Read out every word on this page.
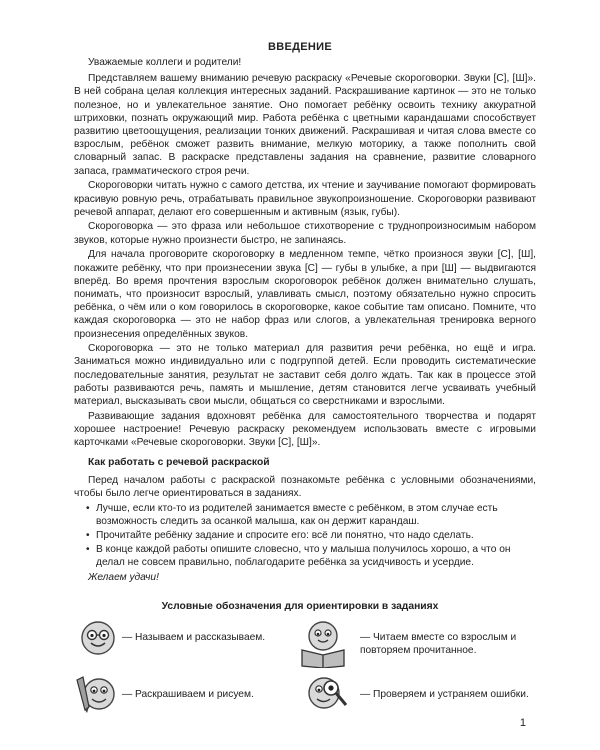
ВВЕДЕНИЕ

Уважаемые коллеги и родители!

Представляем вашему вниманию речевую раскраску «Речевые скороговорки. Звуки [С], [Ш]». В ней собрана целая коллекция интересных заданий. Раскрашивание картинок — это не только полезное, но и увлекательное занятие. Оно помогает ребёнку освоить технику аккуратной штриховки, познать окружающий мир. Работа ребёнка с цветными карандашами способствует развитию цветоощущения, реализации тонких движений. Раскрашивая и читая слова вместе со взрослым, ребёнок сможет развить внимание, мелкую моторику, а также пополнить свой словарный запас. В раскраске представлены задания на сравнение, развитие словарного запаса, грамматического строя речи.

Скороговорки читать нужно с самого детства, их чтение и заучивание помогают формировать красивую ровную речь, отрабатывать правильное звукопроизношение. Скороговорки развивают речевой аппарат, делают его совершенным и активным (язык, губы).

Скороговорка — это фраза или небольшое стихотворение с труднопроизносимым набором звуков, которые нужно произнести быстро, не запинаясь.

Для начала проговорите скороговорку в медленном темпе, чётко произнося звуки [С], [Ш], покажите ребёнку, что при произнесении звука [С] — губы в улыбке, а при [Ш] — выдвигаются вперёд. Во время прочтения взрослым скороговорок ребёнок должен внимательно слушать, понимать, что произносит взрослый, улавливать смысл, поэтому обязательно нужно спросить ребёнка, о чём или о ком говорилось в скороговорке, какое событие там описано. Помните, что каждая скороговорка — это не набор фраз или слогов, а увлекательная тренировка верного произнесения определённых звуков.

Скороговорка — это не только материал для развития речи ребёнка, но ещё и игра. Заниматься можно индивидуально или с подгруппой детей. Если проводить систематические последовательные занятия, результат не заставит себя долго ждать. Так как в процессе этой работы развиваются речь, память и мышление, детям становится легче усваивать учебный материал, высказывать свои мысли, общаться со сверстниками и взрослыми.

Развивающие задания вдохновят ребёнка для самостоятельного творчества и подарят хорошее настроение! Речевую раскраску рекомендуем использовать вместе с игровыми карточками «Речевые скороговорки. Звуки [С], [Ш]».

Как работать с речевой раскраской

Перед началом работы с раскраской познакомьте ребёнка с условными обозначениями, чтобы было легче ориентироваться в заданиях.

• Лучше, если кто-то из родителей занимается вместе с ребёнком, в этом случае есть возможность следить за осанкой малыша, как он держит карандаш.
• Прочитайте ребёнку задание и спросите его: всё ли понятно, что надо сделать.
• В конце каждой работы опишите словесно, что у малыша получилось хорошо, а что он делал не совсем правильно, поблагодарите ребёнка за усидчивость и усердие.

Желаем удачи!

Условные обозначения для ориентировки в заданиях
— Называем и рассказываем.	— Читаем вместе со взрослым и повторяем прочитанное.
— Раскрашиваем и рисуем.	— Проверяем и устраняем ошибки.
1
